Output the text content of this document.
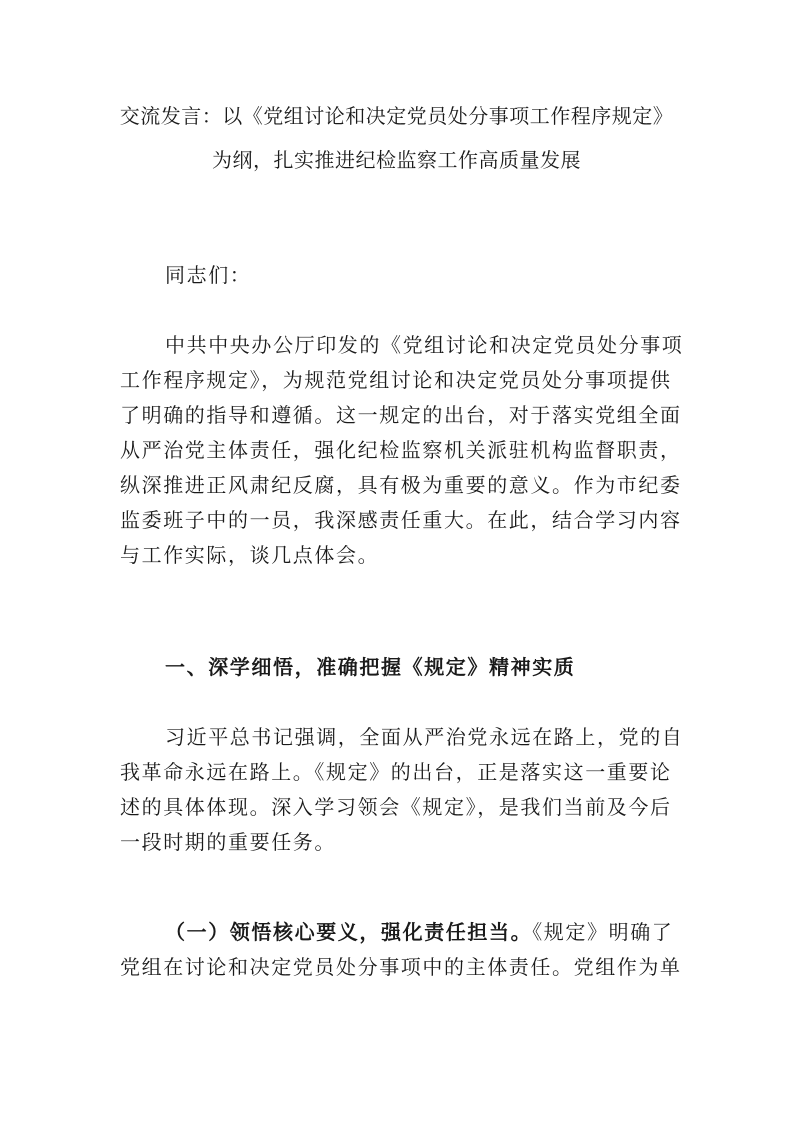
交流发言：以《党组讨论和决定党员处分事项工作程序规定》
为纲，扎实推进纪检监察工作高质量发展
同志们：
中共中央办公厅印发的《党组讨论和决定党员处分事项
工作程序规定》，为规范党组讨论和决定党员处分事项提供
了明确的指导和遵循。这一规定的出台，对于落实党组全面
从严治党主体责任，强化纪检监察机关派驻机构监督职责，
纵深推进正风肃纪反腐，具有极为重要的意义。作为市纪委
监委班子中的一员，我深感责任重大。在此，结合学习内容
与工作实际，谈几点体会。
一、深学细悟，准确把握《规定》精神实质
习近平总书记强调，全面从严治党永远在路上，党的自
我革命永远在路上。《规定》的出台，正是落实这一重要论
述的具体体现。深入学习领会《规定》，是我们当前及今后
一段时期的重要任务。
（一）领悟核心要义，强化责任担当。《规定》明确了
党组在讨论和决定党员处分事项中的主体责任。党组作为单
